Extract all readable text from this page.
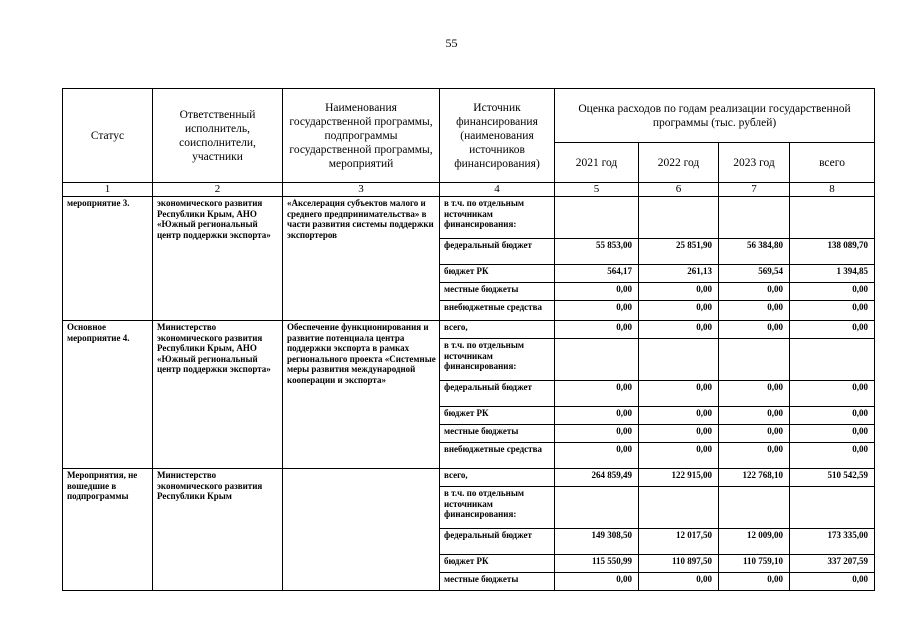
55
Статус	Ответственный исполнитель, соисполнители, участники	Наименования государственной программы, подпрограммы государственной программы, мероприятий	Источник финансирования (наименования источников финансирования)	Оценка расходов по годам реализации государственной программы (тыс. рублей)			
				2021 год	2022 год	2023 год	всего
1	2	3	4	5	6	7	8
мероприятие 3.	экономического развития Республики Крым, АНО «Южный региональный центр поддержки экспорта»	«Акселерация субъектов малого и среднего предпринимательства» в части развития системы поддержки экспортеров	в т.ч. по отдельным источникам финансирования:				
			федеральный бюджет	55 853,00	25 851,90	56 384,80	138 089,70
			бюджет РК	564,17	261,13	569,54	1 394,85
			местные бюджеты	0,00	0,00	0,00	0,00
			внебюджетные средства	0,00	0,00	0,00	0,00
Основное мероприятие 4.	Министерство экономического развития Республики Крым, АНО «Южный региональный центр поддержки экспорта»	Обеспечение функционирования и развитие потенциала центра поддержки экспорта в рамках регионального проекта «Системные меры развития международной кооперации и экспорта»	всего,	0,00	0,00	0,00	0,00
			в т.ч. по отдельным источникам финансирования:				
			федеральный бюджет	0,00	0,00	0,00	0,00
			бюджет РК	0,00	0,00	0,00	0,00
			местные бюджеты	0,00	0,00	0,00	0,00
			внебюджетные средства	0,00	0,00	0,00	0,00
Мероприятия, не вошедшие в подпрограммы	Министерство экономического развития Республики Крым		всего,	264 859,49	122 915,00	122 768,10	510 542,59
			в т.ч. по отдельным источникам финансирования:				
			федеральный бюджет	149 308,50	12 017,50	12 009,00	173 335,00
			бюджет РК	115 550,99	110 897,50	110 759,10	337 207,59
			местные бюджеты	0,00	0,00	0,00	0,00
